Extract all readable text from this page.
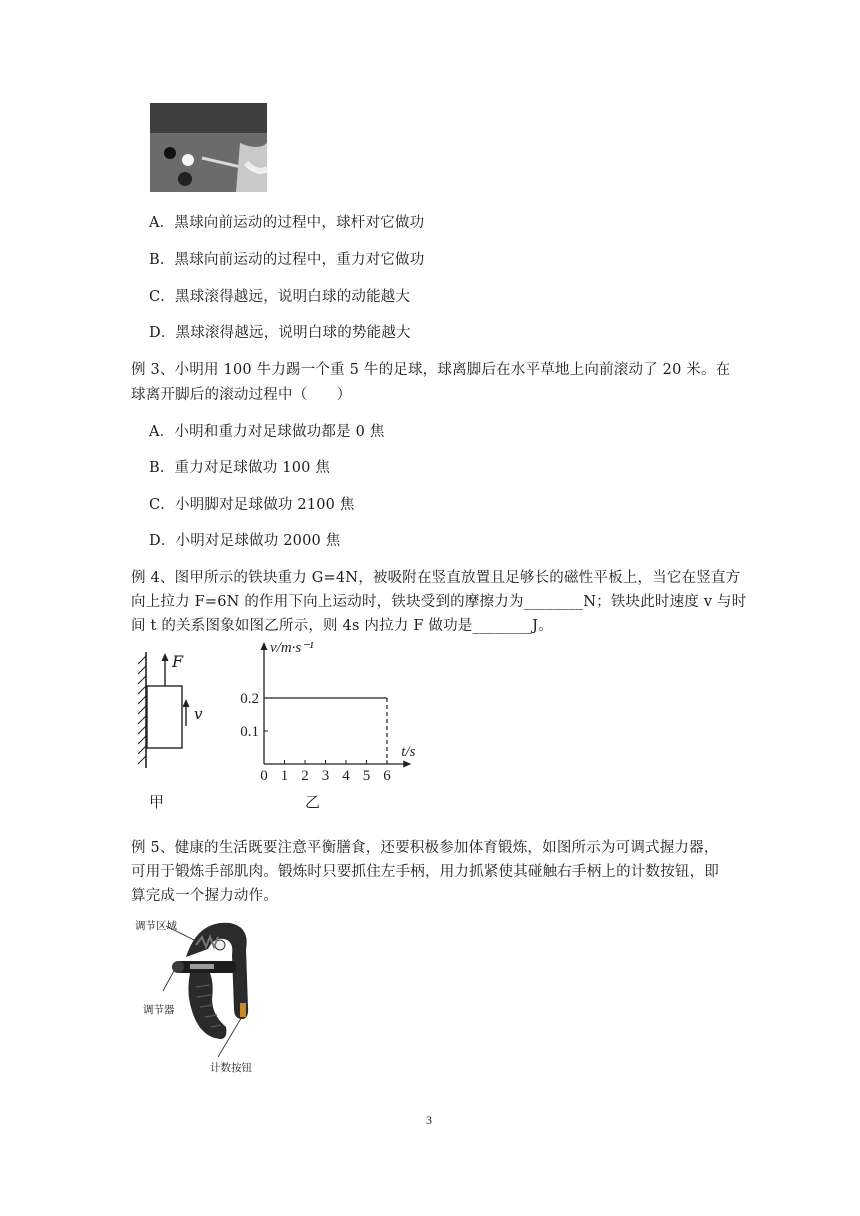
A．黑球向前运动的过程中，球杆对它做功
B．黑球向前运动的过程中，重力对它做功
C．黑球滚得越远，说明白球的动能越大
D．黑球滚得越远，说明白球的势能越大
例 3、小明用 100 牛力踢一个重 5 牛的足球，球离脚后在水平草地上向前滚动了 20 米。在
球离开脚后的滚动过程中（　　）
A．小明和重力对足球做功都是 0 焦
B．重力对足球做功 100 焦
C．小明脚对足球做功 2100 焦
D．小明对足球做功 2000 焦
例 4、图甲所示的铁块重力 G=4N，被吸附在竖直放置且足够长的磁性平板上，当它在竖直方
向上拉力 F=6N 的作用下向上运动时，铁块受到的摩擦力为________N；铁块此时速度 v 与时
间 t 的关系图象如图乙所示，则 4s 内拉力 F 做功是________J。
F
v
甲
0 1 2 3 4 5 6
0.1
0.2
v/m·s⁻¹
t/s
乙
例 5、健康的生活既要注意平衡膳食，还要积极参加体育锻炼，如图所示为可调式握力器，
可用于锻炼手部肌肉。锻炼时只要抓住左手柄，用力抓紧使其碰触右手柄上的计数按钮，即
算完成一个握力动作。
调节区域
调节器
计数按钮
3
